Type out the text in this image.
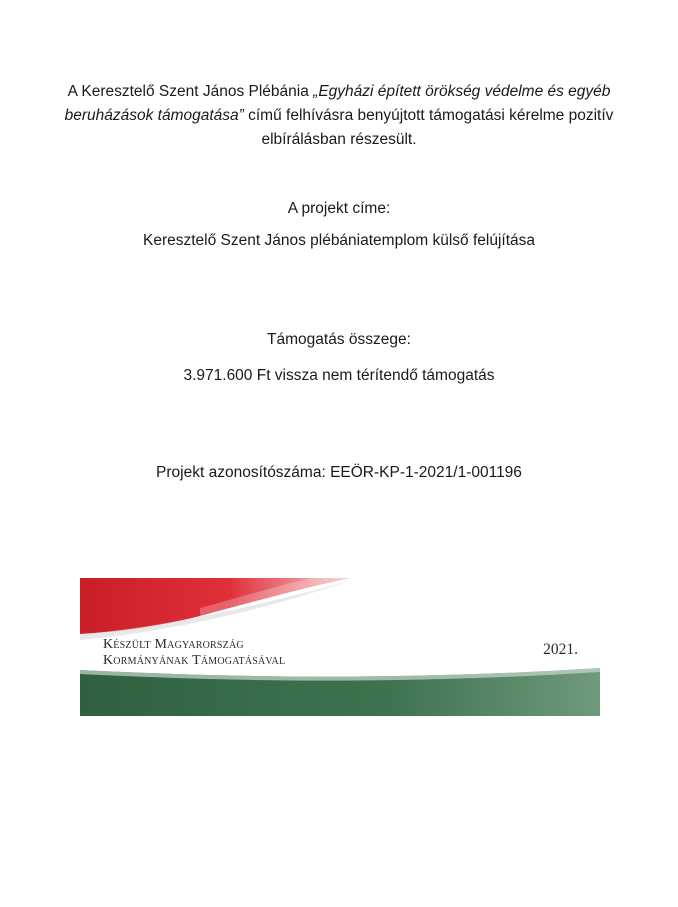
A Keresztelő Szent János Plébánia „Egyházi épített örökség védelme és egyéb beruházások támogatása” című felhívásra benyújtott támogatási kérelme pozitív elbírálásban részesült.
A projekt címe:
Keresztelő Szent János plébániatemplom külső felújítása
Támogatás összege:
3.971.600 Ft vissza nem térítendő támogatás
Projekt azonosítószáma: EEÖR-KP-1-2021/1-001196
Készült Magyarország
Kormányának Támogatásával
2021.
